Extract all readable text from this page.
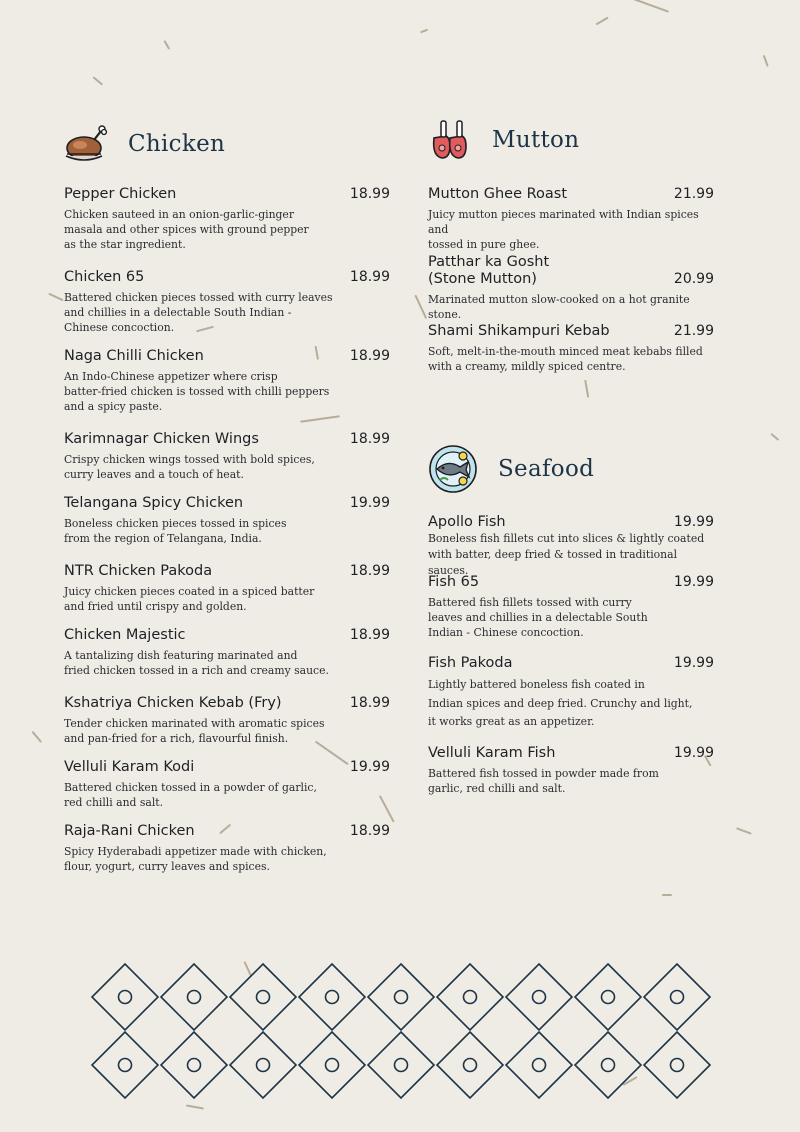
Chicken
Pepper Chicken	18.99
Chicken sauteed in an onion-garlic-ginger
masala and other spices with ground pepper
as the star ingredient.
Chicken 65	18.99
Battered chicken pieces tossed with curry leaves
and chillies in a delectable South Indian -
Chinese concoction.
Naga Chilli Chicken	18.99
An Indo-Chinese appetizer where crisp
batter-fried chicken is tossed with chilli peppers
and a spicy paste.
Karimnagar Chicken Wings	18.99
Crispy chicken wings tossed with bold spices,
curry leaves and a touch of heat.
Telangana Spicy Chicken	19.99
Boneless chicken pieces tossed in spices
from the region of Telangana, India.
NTR Chicken Pakoda	18.99
Juicy chicken pieces coated in a spiced batter
and fried until crispy and golden.
Chicken Majestic	18.99
A tantalizing dish featuring marinated and
fried chicken tossed in a rich and creamy sauce.
Kshatriya Chicken Kebab (Fry)	18.99
Tender chicken marinated with aromatic spices
and pan-fried for a rich, flavourful finish.
Velluli Karam Kodi	19.99
Battered chicken tossed in a powder of garlic,
red chilli and salt.
Raja-Rani Chicken	18.99
Spicy Hyderabadi appetizer made with chicken,
flour, yogurt, curry leaves and spices.
Mutton
Mutton Ghee Roast	21.99
Juicy mutton pieces marinated with Indian spices and
tossed in pure ghee.
Patthar ka Gosht
(Stone Mutton)	20.99
Marinated mutton slow-cooked on a hot granite stone.
Shami Shikampuri Kebab	21.99
Soft, melt-in-the-mouth minced meat kebabs filled
with a creamy, mildly spiced centre.
Seafood
Apollo Fish	19.99
Boneless fish fillets cut into slices & lightly coated
with batter, deep fried & tossed in traditional sauces.
Fish 65	19.99
Battered fish fillets tossed with curry
leaves and chillies in a delectable South
Indian - Chinese concoction.
Fish Pakoda	19.99
Lightly battered boneless fish coated in
Indian spices and deep fried. Crunchy and light,
it works great as an appetizer.
Velluli Karam Fish	19.99
Battered fish tossed in powder made from
garlic, red chilli and salt.
